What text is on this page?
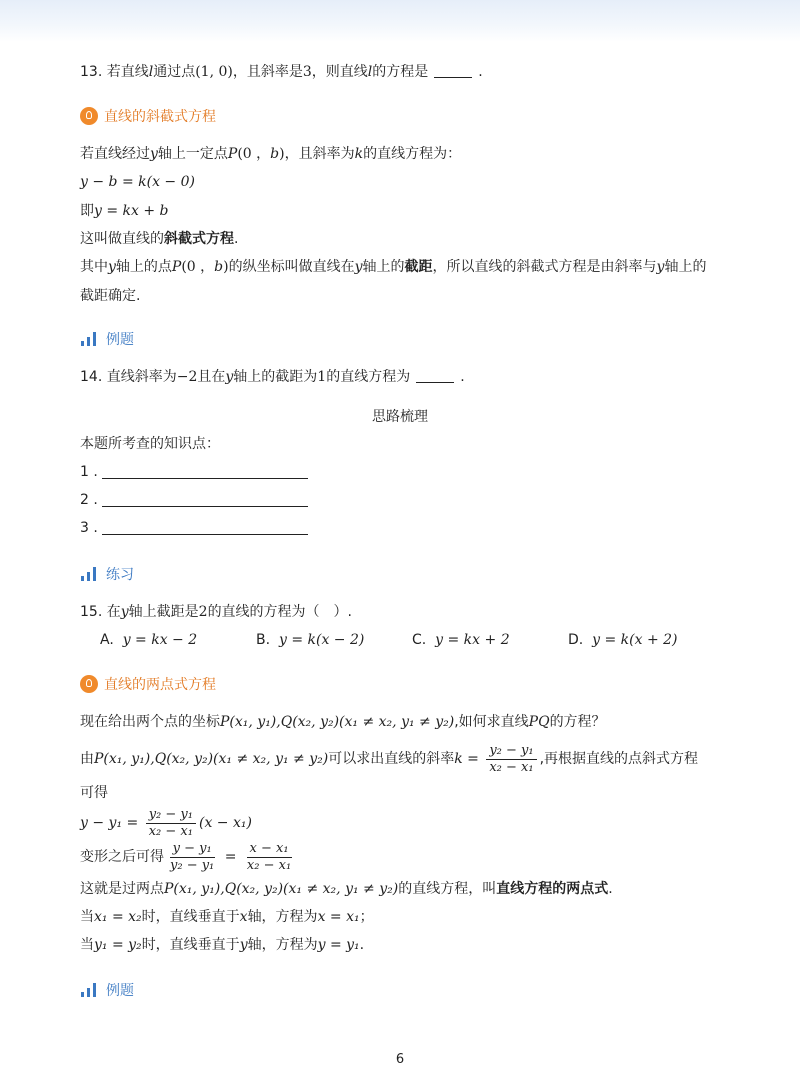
13. 若直线l通过点(1, 0)，且斜率是3，则直线l的方程是	.
直线的斜截式方程
若直线经过y轴上一定点P(0 ，b)，且斜率为k的直线方程为：
y − b = k(x − 0)
即y = kx + b
这叫做直线的斜截式方程.
其中y轴上的点P(0 ，b)的纵坐标叫做直线在y轴上的截距，所以直线的斜截式方程是由斜率与y轴上的
截距确定.
例题
14. 直线斜率为−2且在y轴上的截距为1的直线方程为	.
思路梳理
本题所考查的知识点：
1 .
2 .
3 .
练习
15. 在y轴上截距是2的直线的方程为（　）.
A. y = kx − 2	B. y = k(x − 2)	C. y = kx + 2	D. y = k(x + 2)
直线的两点式方程
现在给出两个点的坐标P(x₁, y₁),Q(x₂, y₂)(x₁ ≠ x₂, y₁ ≠ y₂),如何求直线PQ的方程？
由P(x₁, y₁),Q(x₂, y₂)(x₁ ≠ x₂, y₁ ≠ y₂)可以求出直线的斜率$k = \frac{\text{y₂ − y₁}}{\text{x₂ − x₁}}$ ,再根据直线的点斜式方程
可得
$y - y_1 = \frac{\text{y₂ − y₁}}{\text{x₂ − x₁}} (x - x_1)$
变形之后可得 $\frac{\text{y − y₁}}{\text{y₂ − y₁}} = \frac{\text{x − x₁}}{\text{x₂ − x₁}}$
这就是过两点P(x₁, y₁),Q(x₂, y₂)(x₁ ≠ x₂, y₁ ≠ y₂)的直线方程，叫直线方程的两点式.
当x₁ = x₂时，直线垂直于x轴，方程为x = x₁；
当y₁ = y₂时，直线垂直于y轴，方程为y = y₁.
例题
6
